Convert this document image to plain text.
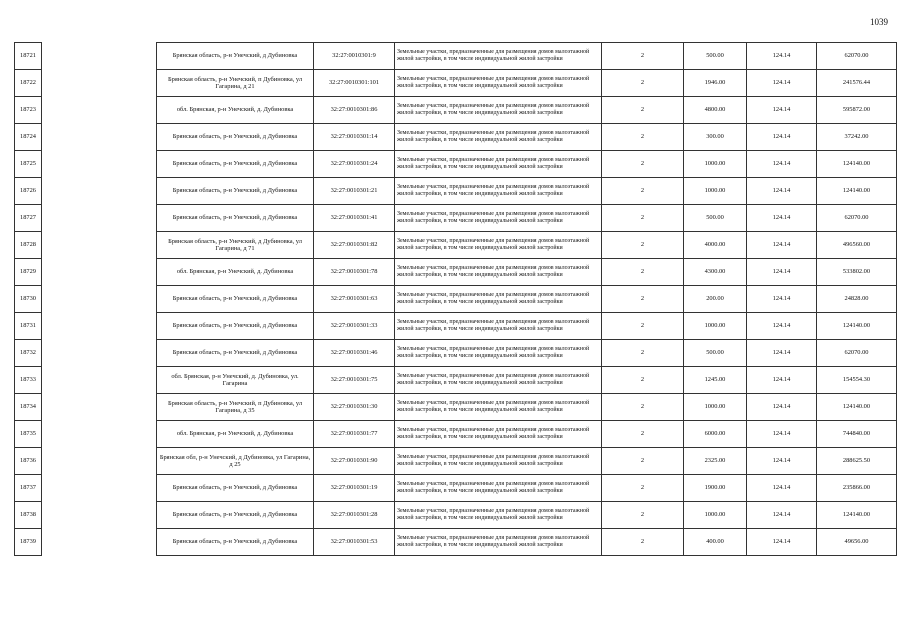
1039
18721		Брянская область, р-н Унечский, д Дубиновка	32:27:0010301:9	Земельные участки, предназначенные для размещения домов малоэтажной жилой застройки, в том числе индивидуальной жилой застройки	2	500.00	124.14	62070.00
18722		Брянская область, р-н Унечский, п Дубиновка, ул Гагарина, д 21	32:27:0010301:101	Земельные участки, предназначенные для размещения домов малоэтажной жилой застройки, в том числе индивидуальной жилой застройки	2	1946.00	124.14	241576.44
18723		обл. Брянская, р-н Унечский, д. Дубиновка	32:27:0010301:86	Земельные участки, предназначенные для размещения домов малоэтажной жилой застройки, в том числе индивидуальной жилой застройки	2	4800.00	124.14	595872.00
18724		Брянская область, р-н Унечский, д Дубиновка	32:27:0010301:14	Земельные участки, предназначенные для размещения домов малоэтажной жилой застройки, в том числе индивидуальной жилой застройки	2	300.00	124.14	37242.00
18725		Брянская область, р-н Унечский, д Дубиновка	32:27:0010301:24	Земельные участки, предназначенные для размещения домов малоэтажной жилой застройки, в том числе индивидуальной жилой застройки	2	1000.00	124.14	124140.00
18726		Брянская область, р-н Унечский, д Дубиновка	32:27:0010301:21	Земельные участки, предназначенные для размещения домов малоэтажной жилой застройки, в том числе индивидуальной жилой застройки	2	1000.00	124.14	124140.00
18727		Брянская область, р-н Унечский, д Дубиновка	32:27:0010301:41	Земельные участки, предназначенные для размещения домов малоэтажной жилой застройки, в том числе индивидуальной жилой застройки	2	500.00	124.14	62070.00
18728		Брянская область, р-н Унечский, д Дубиновка, ул Гагарина, д 71	32:27:0010301:82	Земельные участки, предназначенные для размещения домов малоэтажной жилой застройки, в том числе индивидуальной жилой застройки	2	4000.00	124.14	496560.00
18729		обл. Брянская, р-н Унечский, д. Дубиновка	32:27:0010301:78	Земельные участки, предназначенные для размещения домов малоэтажной жилой застройки, в том числе индивидуальной жилой застройки	2	4300.00	124.14	533802.00
18730		Брянская область, р-н Унечский, д Дубиновка	32:27:0010301:63	Земельные участки, предназначенные для размещения домов малоэтажной жилой застройки, в том числе индивидуальной жилой застройки	2	200.00	124.14	24828.00
18731		Брянская область, р-н Унечский, д Дубиновка	32:27:0010301:33	Земельные участки, предназначенные для размещения домов малоэтажной жилой застройки, в том числе индивидуальной жилой застройки	2	1000.00	124.14	124140.00
18732		Брянская область, р-н Унечский, д Дубиновка	32:27:0010301:46	Земельные участки, предназначенные для размещения домов малоэтажной жилой застройки, в том числе индивидуальной жилой застройки	2	500.00	124.14	62070.00
18733		обл. Брянская, р-н Унечский, д. Дубиновка, ул. Гагарина	32:27:0010301:75	Земельные участки, предназначенные для размещения домов малоэтажной жилой застройки, в том числе индивидуальной жилой застройки	2	1245.00	124.14	154554.30
18734		Брянская область, р-н Унечский, п Дубиновка, ул Гагарина, д 35	32:27:0010301:30	Земельные участки, предназначенные для размещения домов малоэтажной жилой застройки, в том числе индивидуальной жилой застройки	2	1000.00	124.14	124140.00
18735		обл. Брянская, р-н Унечский, д. Дубиновка	32:27:0010301:77	Земельные участки, предназначенные для размещения домов малоэтажной жилой застройки, в том числе индивидуальной жилой застройки	2	6000.00	124.14	744840.00
18736		Брянская обл, р-н Унечский, д Дубиновка, ул Гагарина, д 25	32:27:0010301:90	Земельные участки, предназначенные для размещения домов малоэтажной жилой застройки, в том числе индивидуальной жилой застройки	2	2325.00	124.14	288625.50
18737		Брянская область, р-н Унечский, д Дубиновка	32:27:0010301:19	Земельные участки, предназначенные для размещения домов малоэтажной жилой застройки, в том числе индивидуальной жилой застройки	2	1900.00	124.14	235866.00
18738		Брянская область, р-н Унечский, д Дубиновка	32:27:0010301:28	Земельные участки, предназначенные для размещения домов малоэтажной жилой застройки, в том числе индивидуальной жилой застройки	2	1000.00	124.14	124140.00
18739		Брянская область, р-н Унечский, д Дубиновка	32:27:0010301:53	Земельные участки, предназначенные для размещения домов малоэтажной жилой застройки, в том числе индивидуальной жилой застройки	2	400.00	124.14	49656.00
